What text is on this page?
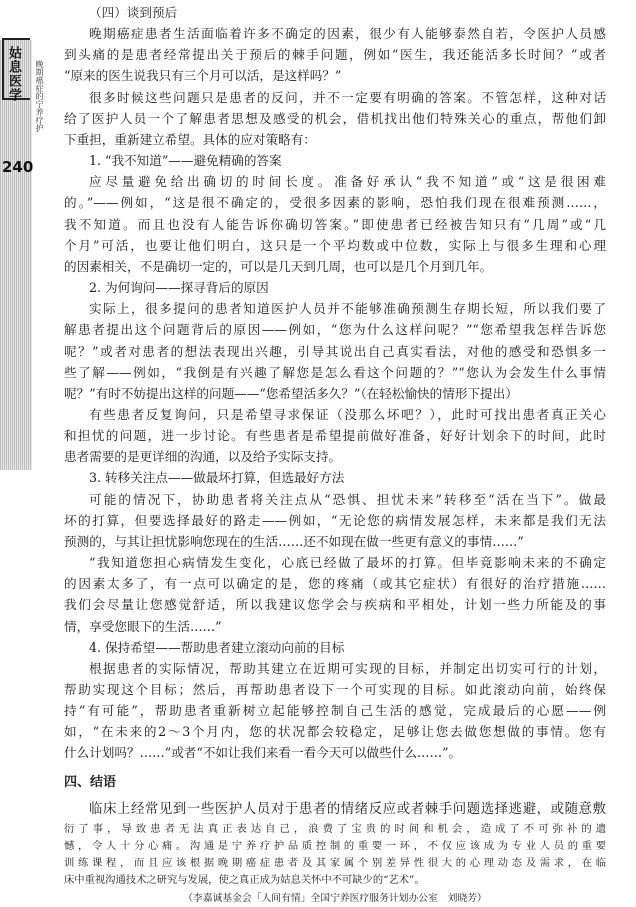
姑息医学 晚期癌症的宁养疗护
240
（四）谈到预后
晚期癌症患者生活面临着许多不确定的因素，很少有人能够泰然自若，令医护人员感
到头痛的是患者经常提出关于预后的棘手问题，例如“医生，我还能活多长时间？”或者
“原来的医生说我只有三个月可以活，是这样吗？”
很多时候这些问题只是患者的反问，并不一定要有明确的答案。不管怎样，这种对话
给了医护人员一个了解患者思想及感受的机会，借机找出他们特殊关心的重点，帮他们卸
下重担，重新建立希望。具体的应对策略有：
1. “我不知道”——避免精确的答案
应尽量避免给出确切的时间长度。准备好承认“我不知道”或“这是很困难
的。”——例如，“这是很不确定的，受很多因素的影响，恐怕我们现在很难预测……，
我不知道。而且也没有人能告诉你确切答案。”即使患者已经被告知只有“几周”或“几
个月”可活，也要让他们明白，这只是一个平均数或中位数，实际上与很多生理和心理
的因素相关，不是确切一定的，可以是几天到几周，也可以是几个月到几年。
2. 为何询问——探寻背后的原因
实际上，很多提问的患者知道医护人员并不能够准确预测生存期长短，所以我们要了
解患者提出这个问题背后的原因——例如，“您为什么这样问呢？”“您希望我怎样告诉您
呢？”或者对患者的想法表现出兴趣，引导其说出自己真实看法，对他的感受和恐惧多一
些了解——例如，“我倒是有兴趣了解您是怎么看这个问题的？”“您认为会发生什么事情
呢？”有时不妨提出这样的问题——“您希望活多久？”（在轻松愉快的情形下提出）
有些患者反复询问，只是希望寻求保证（没那么坏吧？），此时可找出患者真正关心
和担忧的问题，进一步讨论。有些患者是希望提前做好准备，好好计划余下的时间，此时
患者需要的是更详细的沟通，以及给予实际支持。
3. 转移关注点——做最坏打算，但选最好方法
可能的情况下，协助患者将关注点从“恐惧、担忧未来”转移至“活在当下”。做最
坏的打算，但要选择最好的路走——例如，“无论您的病情发展怎样，未来都是我们无法
预测的，与其让担忧影响您现在的生活……还不如现在做一些更有意义的事情……”
“我知道您担心病情发生变化，心底已经做了最坏的打算。但毕竟影响未来的不确定
的因素太多了，有一点可以确定的是，您的疼痛（或其它症状）有很好的治疗措施……
我们会尽量让您感觉舒适，所以我建议您学会与疾病和平相处，计划一些力所能及的事
情，享受您眼下的生活……”
4. 保持希望——帮助患者建立滚动向前的目标
根据患者的实际情况，帮助其建立在近期可实现的目标，并制定出切实可行的计划，
帮助实现这个目标；然后，再帮助患者设下一个可实现的目标。如此滚动向前，始终保
持“有可能”，帮助患者重新树立起能够控制自己生活的感觉，完成最后的心愿——例
如，“在未来的2～3个月内，您的状况都会较稳定，足够让您去做您想做的事情。您有
什么计划吗？……”或者“不如让我们来看一看今天可以做些什么……”。
四、结语
临床上经常见到一些医护人员对于患者的情绪反应或者棘手问题选择逃避，或随意敷
衍了事，导致患者无法真正表达自己，浪费了宝贵的时间和机会，造成了不可弥补的遗
憾，令人十分心痛。沟通是宁养疗护品质控制的重要一环，不仅应该成为专业人员的重要
训练课程，而且应该根据晚期癌症患者及其家属个别差异性很大的心理动态及需求，在临
床中重视沟通技术之研究与发展，使之真正成为姑息关怀中不可缺少的“艺术”。
（李嘉诚基金会「人间有情」全国宁养医疗服务计划办公室　刘晓芳）
